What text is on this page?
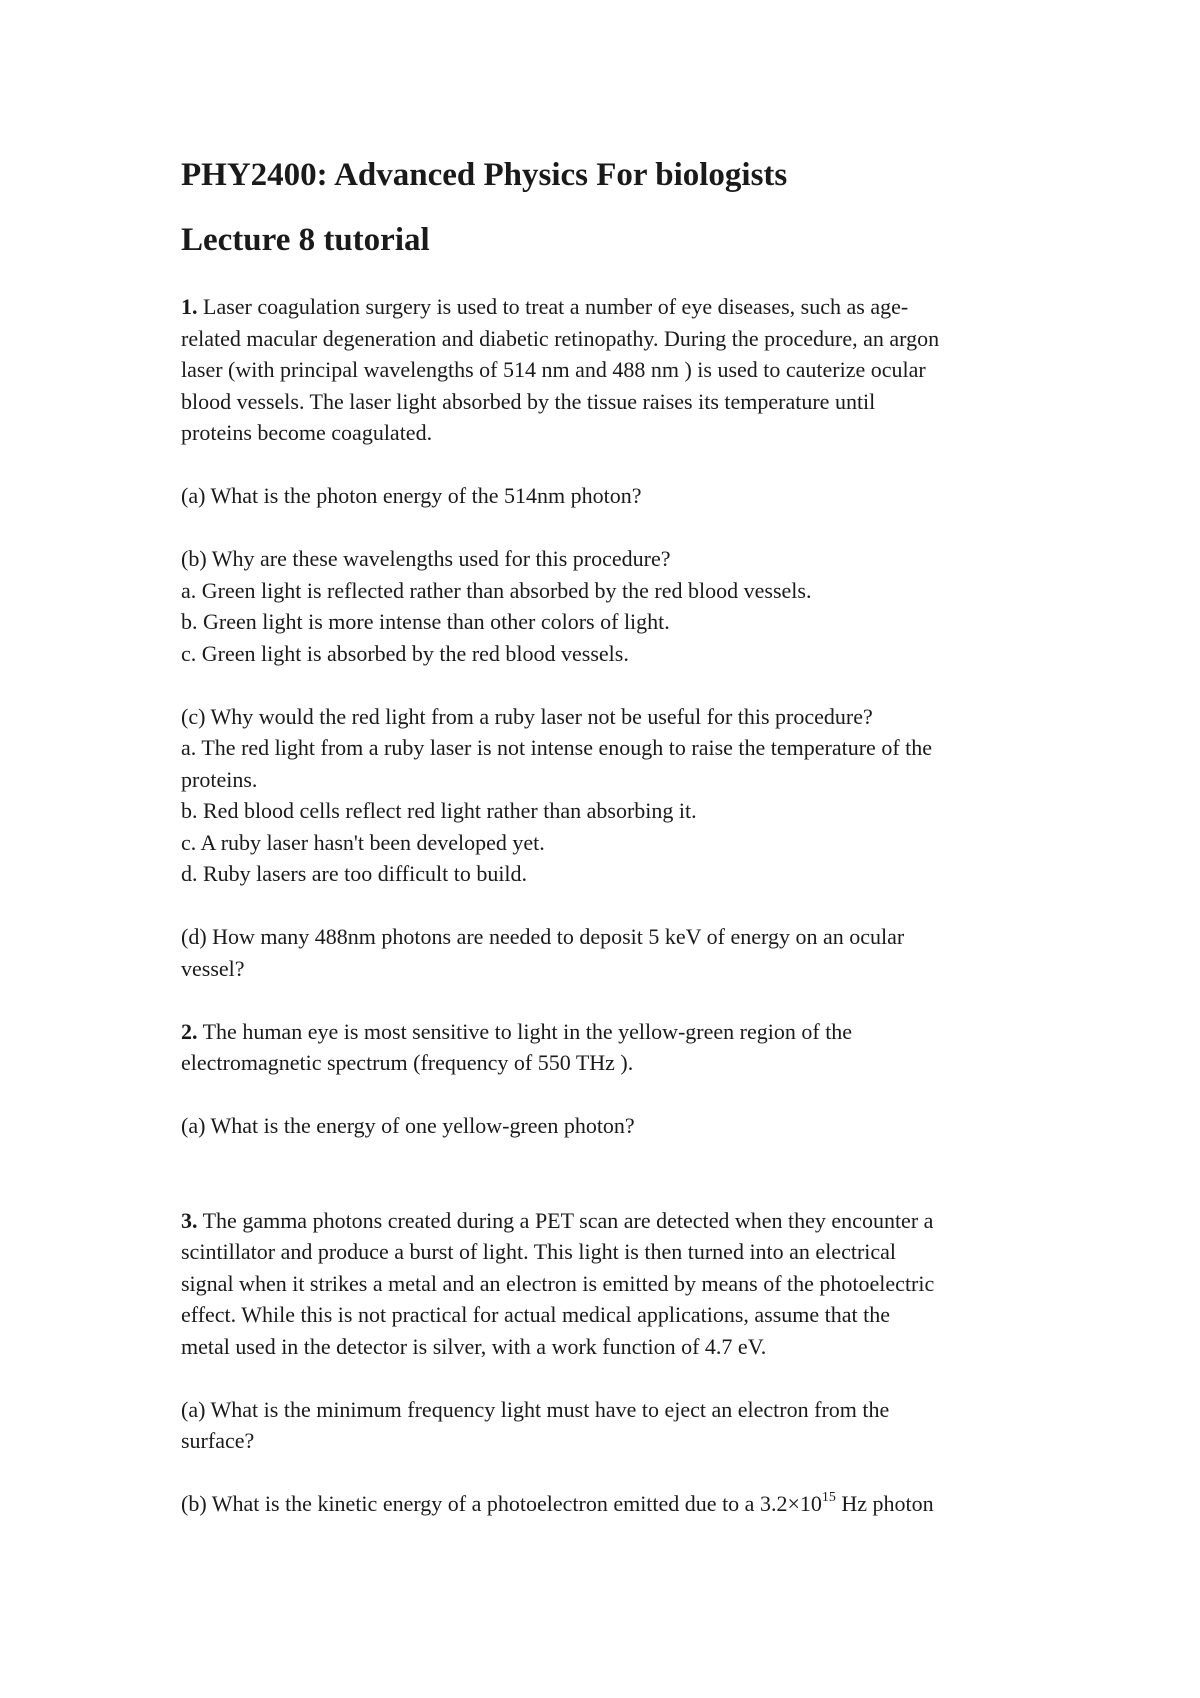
PHY2400: Advanced Physics For biologists
Lecture 8 tutorial

1. Laser coagulation surgery is used to treat a number of eye diseases, such as age-
related macular degeneration and diabetic retinopathy. During the procedure, an argon
laser (with principal wavelengths of 514 nm and 488 nm ) is used to cauterize ocular
blood vessels. The laser light absorbed by the tissue raises its temperature until
proteins become coagulated.

(a) What is the photon energy of the 514nm photon?

(b) Why are these wavelengths used for this procedure?
a. Green light is reflected rather than absorbed by the red blood vessels.
b. Green light is more intense than other colors of light.
c. Green light is absorbed by the red blood vessels.
(c) Why would the red light from a ruby laser not be useful for this procedure?
a. The red light from a ruby laser is not intense enough to raise the temperature of the
proteins.
b. Red blood cells reflect red light rather than absorbing it.
c. A ruby laser hasn't been developed yet.
d. Ruby lasers are too difficult to build.
(d) How many 488nm photons are needed to deposit 5 keV of energy on an ocular
vessel?

2. The human eye is most sensitive to light in the yellow-green region of the
electromagnetic spectrum (frequency of 550 THz ).

(a) What is the energy of one yellow-green photon?

3. The gamma photons created during a PET scan are detected when they encounter a
scintillator and produce a burst of light. This light is then turned into an electrical
signal when it strikes a metal and an electron is emitted by means of the photoelectric
effect. While this is not practical for actual medical applications, assume that the
metal used in the detector is silver, with a work function of 4.7 eV.

(a) What is the minimum frequency light must have to eject an electron from the
surface?

(b) What is the kinetic energy of a photoelectron emitted due to a $3.2\times 10^{15}$ Hz photon
